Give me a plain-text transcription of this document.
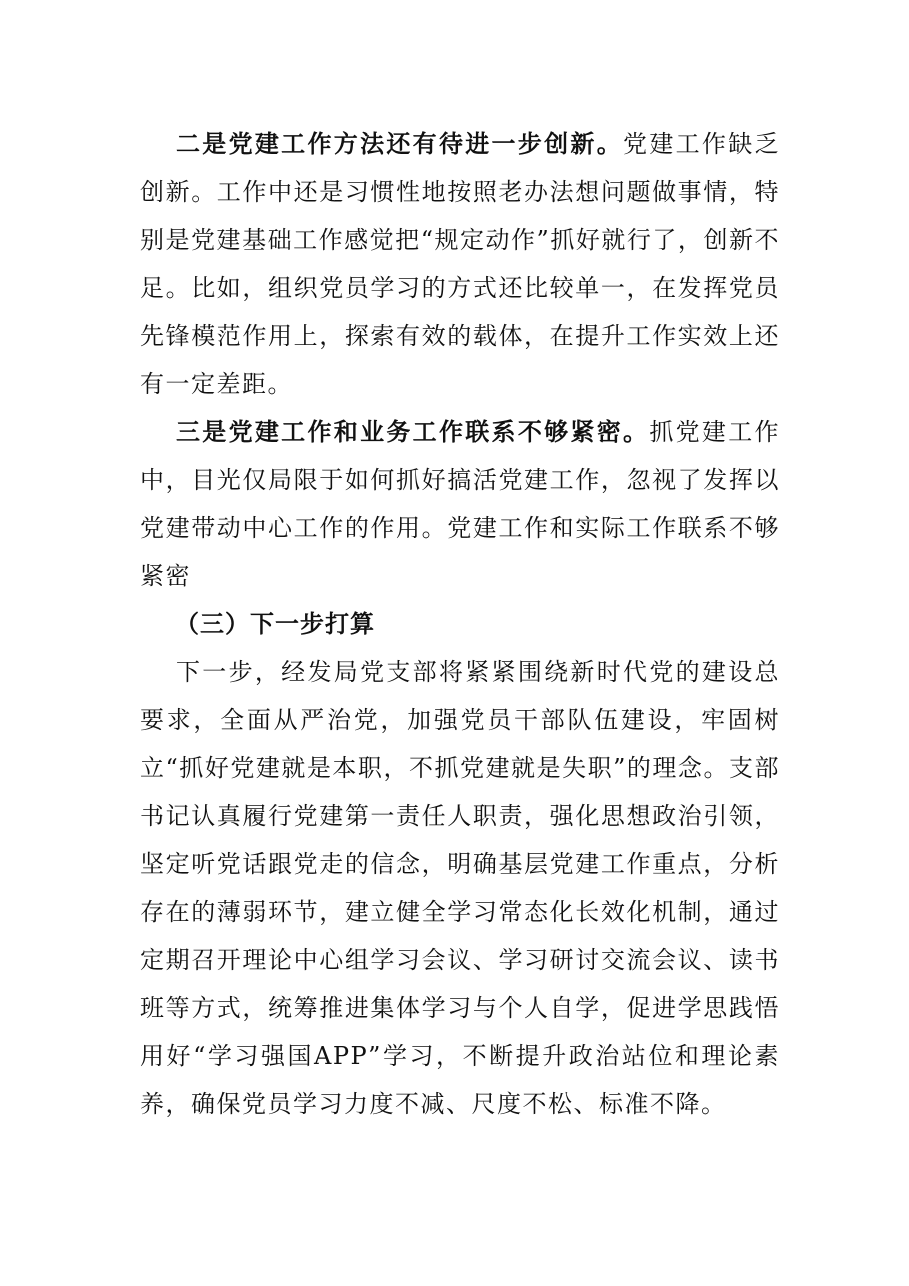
二是党建工作方法还有待进一步创新。党建工作缺乏创新。工作中还是习惯性地按照老办法想问题做事情，特别是党建基础工作感觉把“规定动作”抓好就行了，创新不足。比如，组织党员学习的方式还比较单一，在发挥党员先锋模范作用上，探索有效的载体，在提升工作实效上还有一定差距。

三是党建工作和业务工作联系不够紧密。抓党建工作中，目光仅局限于如何抓好搞活党建工作，忽视了发挥以党建带动中心工作的作用。党建工作和实际工作联系不够紧密

（三）下一步打算

下一步，经发局党支部将紧紧围绕新时代党的建设总要求，全面从严治党，加强党员干部队伍建设，牢固树立“抓好党建就是本职，不抓党建就是失职”的理念。支部书记认真履行党建第一责任人职责，强化思想政治引领，坚定听党话跟党走的信念，明确基层党建工作重点，分析存在的薄弱环节，建立健全学习常态化长效化机制，通过定期召开理论中心组学习会议、学习研讨交流会议、读书班等方式，统筹推进集体学习与个人自学，促进学思践悟用好“学习强国APP”学习，不断提升政治站位和理论素养，确保党员学习力度不减、尺度不松、标准不降。
